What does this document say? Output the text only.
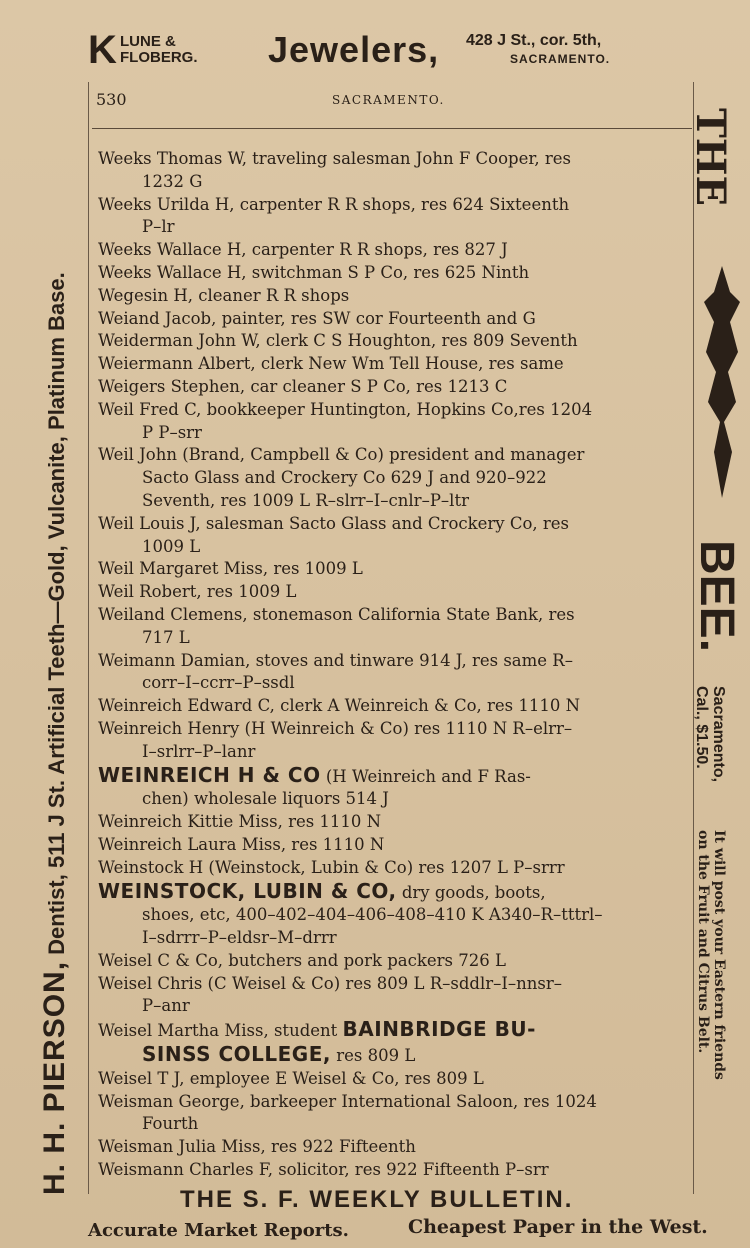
K LUNE &
FLOBERG. Jewelers, 428 J St., cor. 5th,
SACRAMENTO.
530	SACRAMENTO.
Weeks Thomas W, traveling salesman John F Cooper, res
1232 G
Weeks Urilda H, carpenter R R shops, res 624 Sixteenth
P–lr
Weeks Wallace H, carpenter R R shops, res 827 J
Weeks Wallace H, switchman S P Co, res 625 Ninth
Wegesin H, cleaner R R shops
Weiand Jacob, painter, res SW cor Fourteenth and G
Weiderman John W, clerk C S Houghton, res 809 Seventh
Weiermann Albert, clerk New Wm Tell House, res same
Weigers Stephen, car cleaner S P Co, res 1213 C
Weil Fred C, bookkeeper Huntington, Hopkins Co,res 1204
P P–srr
Weil John (Brand, Campbell & Co) president and manager
Sacto Glass and Crockery Co 629 J and 920–922
Seventh, res 1009 L R–slrr–I–cnlr–P–ltr
Weil Louis J, salesman Sacto Glass and Crockery Co, res
1009 L
Weil Margaret Miss, res 1009 L
Weil Robert, res 1009 L
Weiland Clemens, stonemason California State Bank, res
717 L
Weimann Damian, stoves and tinware 914 J, res same R–
corr–I–ccrr–P–ssdl
Weinreich Edward C, clerk A Weinreich & Co, res 1110 N
Weinreich Henry (H Weinreich & Co) res 1110 N R–elrr–
I–srlrr–P–lanr
WEINREICH H & CO (H Weinreich and F Ras-
chen) wholesale liquors 514 J
Weinreich Kittie Miss, res 1110 N
Weinreich Laura Miss, res 1110 N
Weinstock H (Weinstock, Lubin & Co) res 1207 L P–srrr
WEINSTOCK, LUBIN & CO, dry goods, boots,
shoes, etc, 400–402–404–406–408–410 K A340–R–tttrl–
I–sdrrr–P–eldsr–M–drrr
Weisel C & Co, butchers and pork packers 726 L
Weisel Chris (C Weisel & Co) res 809 L R–sddlr–I–nnsr–
P–anr
Weisel Martha Miss, student BAINBRIDGE BU-
SINSS COLLEGE, res 809 L
Weisel T J, employee E Weisel & Co, res 809 L
Weisman George, barkeeper International Saloon, res 1024
Fourth
Weisman Julia Miss, res 922 Fifteenth
Weismann Charles F, solicitor, res 922 Fifteenth P–srr
H. H. PIERSON, Dentist, 511 J St. Artificial Teeth—Gold, Vulcanite, Platinum Base.
THE
BEE.
Sacramento,
Cal., $1.50.
It will post your Eastern friends
on the Fruit and Citrus Belt.
THE S. F. WEEKLY BULLETIN.
Accurate Market Reports.	Cheapest Paper in the West.
